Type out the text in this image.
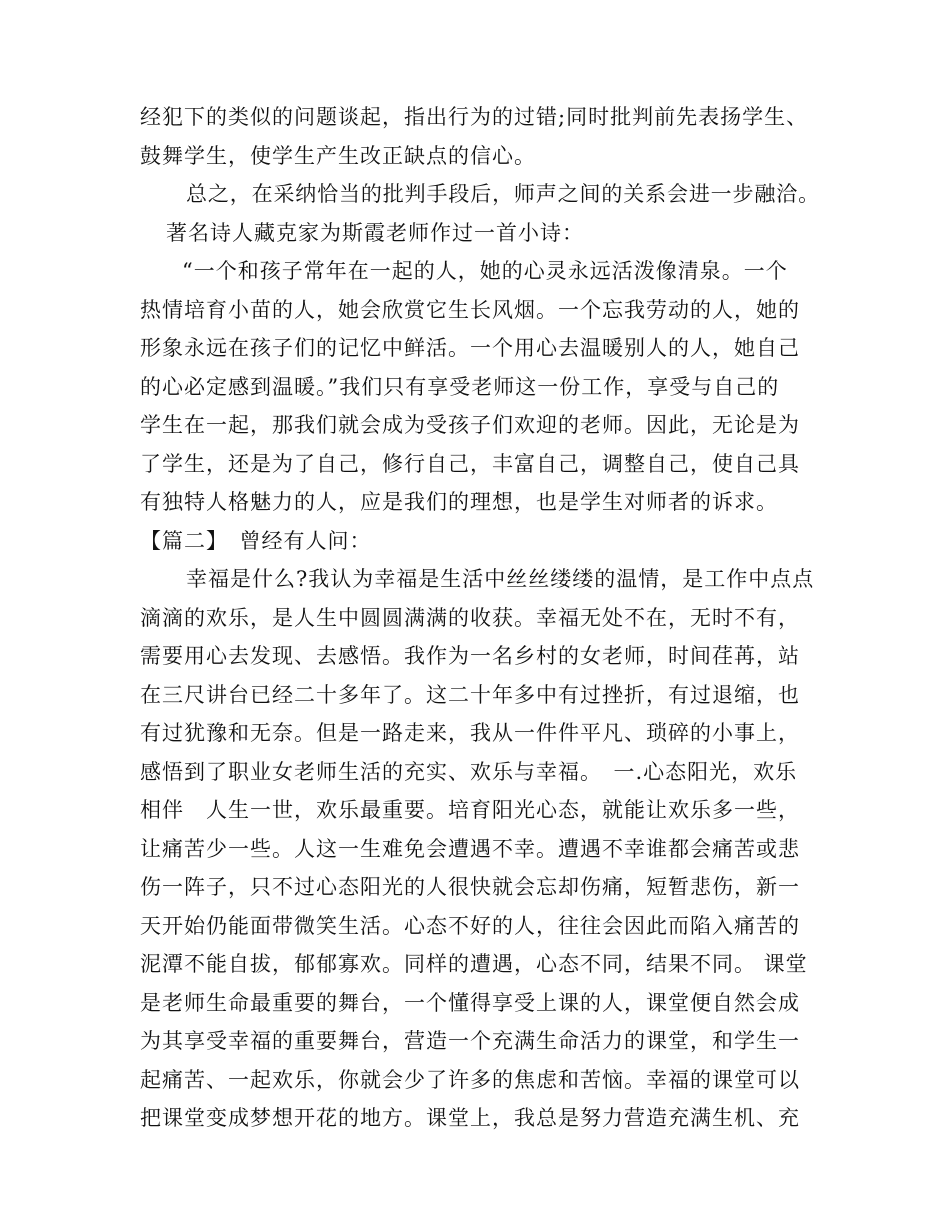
经犯下的类似的问题谈起，指出行为的过错;同时批判前先表扬学生、
鼓舞学生，使学生产生改正缺点的信心。
总之，在采纳恰当的批判手段后，师声之间的关系会进一步融洽。
著名诗人藏克家为斯霞老师作过一首小诗：
“一个和孩子常年在一起的人，她的心灵永远活泼像清泉。一个
热情培育小苗的人，她会欣赏它生长风烟。一个忘我劳动的人，她的
形象永远在孩子们的记忆中鲜活。一个用心去温暖别人的人，她自己
的心必定感到温暖。”我们只有享受老师这一份工作，享受与自己的
学生在一起，那我们就会成为受孩子们欢迎的老师。因此，无论是为
了学生，还是为了自己，修行自己，丰富自己，调整自己，使自己具
有独特人格魅力的人，应是我们的理想，也是学生对师者的诉求。
【篇二】　曾经有人问：
幸福是什么?我认为幸福是生活中丝丝缕缕的温情，是工作中点点
滴滴的欢乐，是人生中圆圆满满的收获。幸福无处不在，无时不有，
需要用心去发现、去感悟。我作为一名乡村的女老师，时间荏苒，站
在三尺讲台已经二十多年了。这二十年多中有过挫折，有过退缩，也
有过犹豫和无奈。但是一路走来，我从一件件平凡、琐碎的小事上，
感悟到了职业女老师生活的充实、欢乐与幸福。　一.心态阳光，欢乐
相伴　人生一世，欢乐最重要。培育阳光心态，就能让欢乐多一些，
让痛苦少一些。人这一生难免会遭遇不幸。遭遇不幸谁都会痛苦或悲
伤一阵子，只不过心态阳光的人很快就会忘却伤痛，短暂悲伤，新一
天开始仍能面带微笑生活。心态不好的人，往往会因此而陷入痛苦的
泥潭不能自拔，郁郁寡欢。同样的遭遇，心态不同，结果不同。 课堂
是老师生命最重要的舞台，一个懂得享受上课的人，课堂便自然会成
为其享受幸福的重要舞台，营造一个充满生命活力的课堂，和学生一
起痛苦、一起欢乐，你就会少了许多的焦虑和苦恼。幸福的课堂可以
把课堂变成梦想开花的地方。课堂上，我总是努力营造充满生机、充
